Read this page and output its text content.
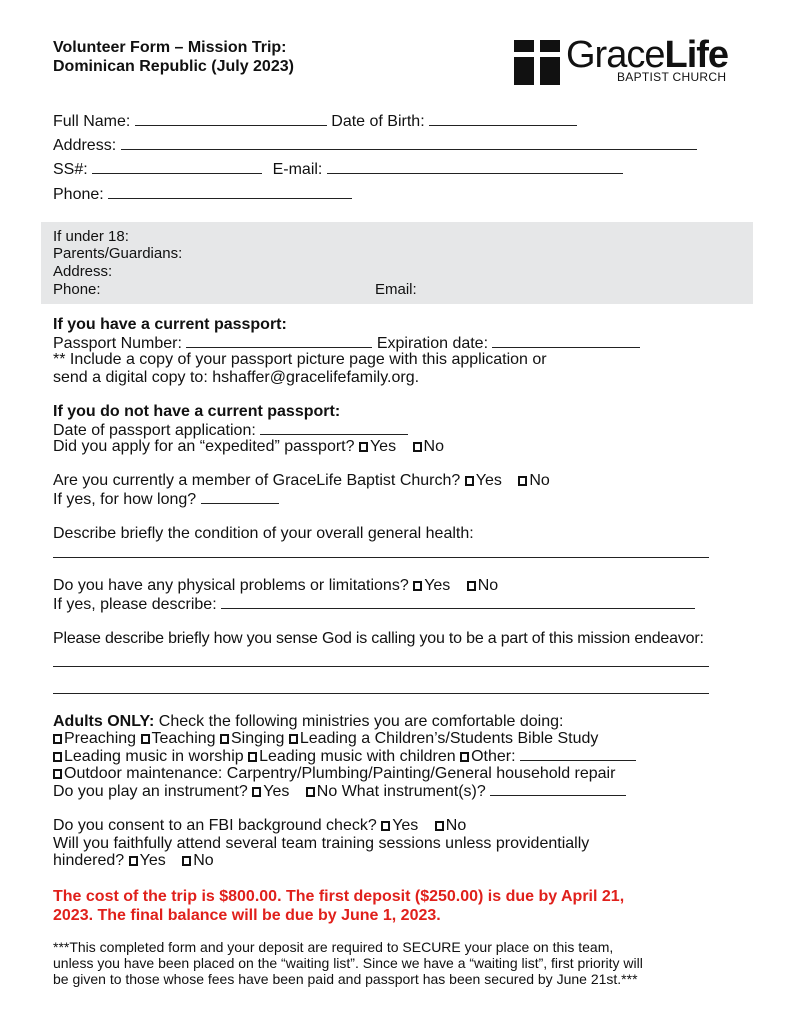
Volunteer Form – Mission Trip:
Dominican Republic (July 2023)	GraceLife
BAPTIST CHURCH
Full Name:	Date of Birth:
Address:
SS#:	E-mail:
Phone:
If under 18:
Parents/Guardians:
Address:
Phone:	Email:
If you have a current passport:
Passport Number:	Expiration date:
** Include a copy of your passport picture page with this application or
send a digital copy to: hshaffer@gracelifefamily.org.
If you do not have a current passport:
Date of passport application:
Did you apply for an “expedited” passport? Yes No
Are you currently a member of GraceLife Baptist Church? Yes No
If yes, for how long?
Describe briefly the condition of your overall general health:
Do you have any physical problems or limitations? Yes No
If yes, please describe:
Please describe briefly how you sense God is calling you to be a part of this mission endeavor:
Adults ONLY: Check the following ministries you are comfortable doing:
Preaching Teaching Singing Leading a Children’s/Students Bible Study
Leading music in worship Leading music with children Other:
Outdoor maintenance: Carpentry/Plumbing/Painting/General household repair
Do you play an instrument? Yes No What instrument(s)?
Do you consent to an FBI background check? Yes No
Will you faithfully attend several team training sessions unless providentially
hindered? Yes No
The cost of the trip is $800.00. The first deposit ($250.00) is due by April 21,
2023. The final balance will be due by June 1, 2023.
***This completed form and your deposit are required to SECURE your place on this team,
unless you have been placed on the “waiting list”. Since we have a “waiting list”, first priority will
be given to those whose fees have been paid and passport has been secured by June 21st.***
